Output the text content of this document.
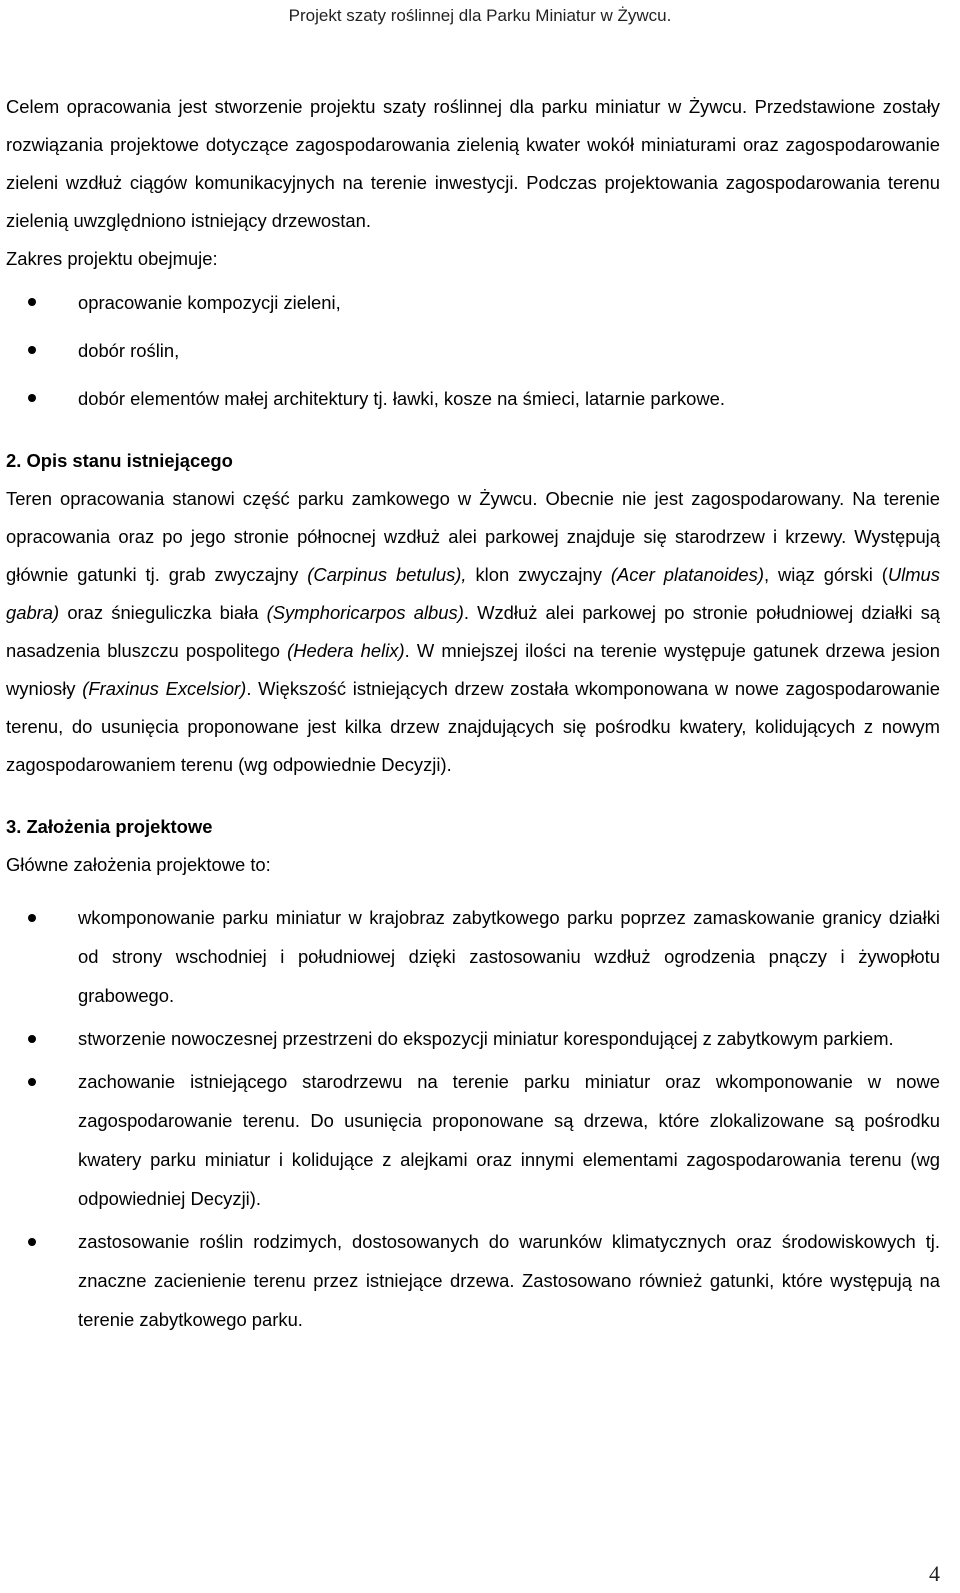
Projekt szaty roślinnej dla Parku Miniatur w Żywcu.

Celem opracowania jest stworzenie projektu szaty roślinnej dla parku miniatur w Żywcu. Przedstawione zostały rozwiązania projektowe dotyczące zagospodarowania zielenią kwater wokół miniaturami oraz zagospodarowanie zieleni wzdłuż ciągów komunikacyjnych na terenie inwestycji. Podczas projektowania zagospodarowania terenu zielenią uwzględniono istniejący drzewostan.

Zakres projektu obejmuje:

opracowanie kompozycji zieleni,
dobór roślin,
dobór elementów małej architektury tj. ławki, kosze na śmieci, latarnie parkowe.

2. Opis stanu istniejącego

Teren opracowania stanowi część parku zamkowego w Żywcu. Obecnie nie jest zagospodarowany. Na terenie opracowania oraz po jego stronie północnej wzdłuż alei parkowej znajduje się starodrzew i krzewy. Występują głównie gatunki tj. grab zwyczajny (Carpinus betulus), klon zwyczajny (Acer platanoides), wiąz górski (Ulmus gabra) oraz śnieguliczka biała (Symphoricarpos albus). Wzdłuż alei parkowej po stronie południowej działki są nasadzenia bluszczu pospolitego (Hedera helix). W mniejszej ilości na terenie występuje gatunek drzewa jesion wyniosły (Fraxinus Excelsior). Większość istniejących drzew została wkomponowana w nowe zagospodarowanie terenu, do usunięcia proponowane jest kilka drzew znajdujących się pośrodku kwatery, kolidujących z nowym zagospodarowaniem terenu (wg odpowiednie Decyzji).

3. Założenia projektowe

Główne założenia projektowe to:

wkomponowanie parku miniatur w krajobraz zabytkowego parku poprzez zamaskowanie granicy działki od strony wschodniej i południowej dzięki zastosowaniu wzdłuż ogrodzenia pnączy i żywopłotu grabowego.
stworzenie nowoczesnej przestrzeni do ekspozycji miniatur korespondującej z zabytkowym parkiem.
zachowanie istniejącego starodrzewu na terenie parku miniatur oraz wkomponowanie w nowe zagospodarowanie terenu. Do usunięcia proponowane są drzewa, które zlokalizowane są pośrodku kwatery parku miniatur i kolidujące z alejkami oraz innymi elementami zagospodarowania terenu (wg odpowiedniej Decyzji).
zastosowanie roślin rodzimych, dostosowanych do warunków klimatycznych oraz środowiskowych tj. znaczne zacienienie terenu przez istniejące drzewa. Zastosowano również gatunki, które występują na terenie zabytkowego parku.
4
